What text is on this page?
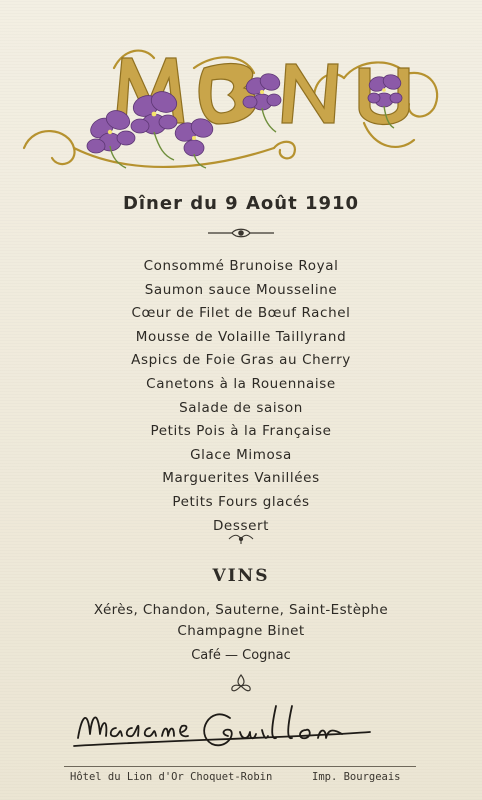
Dîner du 9 Août 1910
Consommé Brunoise Royal
Saumon sauce Mousseline
Cœur de Filet de Bœuf Rachel
Mousse de Volaille Taillyrand
Aspics de Foie Gras au Cherry
Canetons à la Rouennaise
Salade de saison
Petits Pois à la Française
Glace Mimosa
Marguerites Vanillées
Petits Fours glacés
Dessert
VINS
Xérès, Chandon, Sauterne, Saint-Estèphe
Champagne Binet
Café — Cognac
Hôtel du Lion d'Or Choquet-Robin	Imp. Bourgeais
